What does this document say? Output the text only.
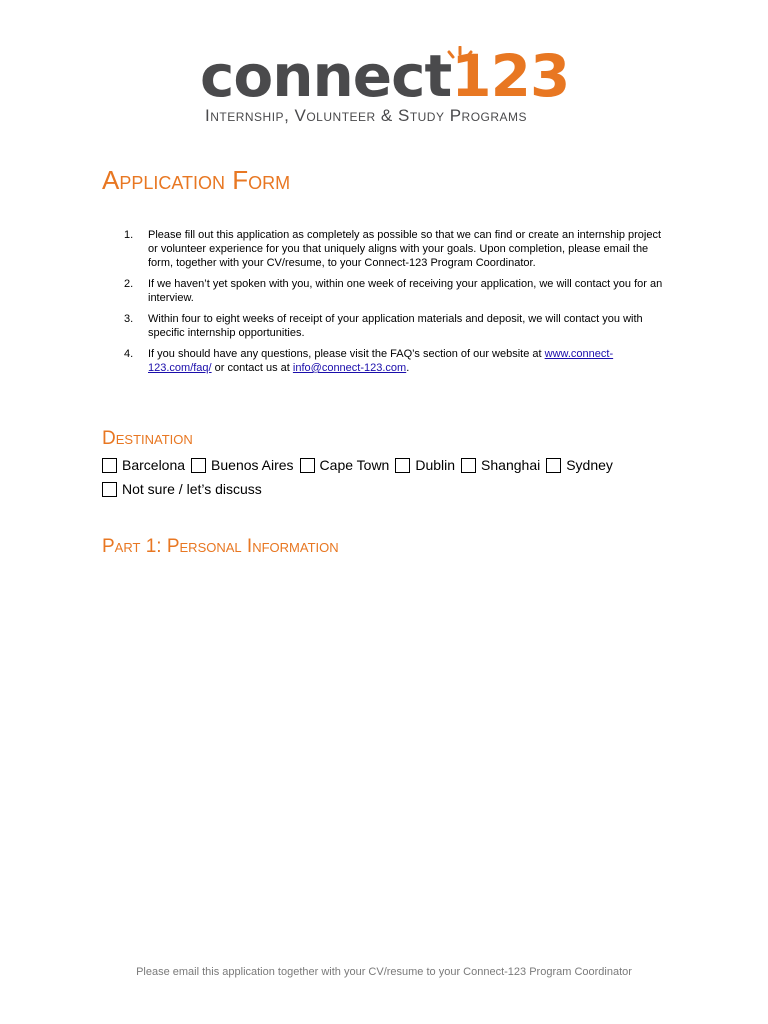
connect123
Internship, Volunteer & Study Programs
Application Form
1. Please fill out this application as completely as possible so that we can find or create an internship project or volunteer experience for you that uniquely aligns with your goals. Upon completion, please email the form, together with your CV/resume, to your Connect-123 Program Coordinator.
2. If we haven’t yet spoken with you, within one week of receiving your application, we will contact you for an interview.
3. Within four to eight weeks of receipt of your application materials and deposit, we will contact you with specific internship opportunities.
4. If you should have any questions, please visit the FAQ’s section of our website at www.connect-123.com/faq/ or contact us at info@connect-123.com.
Destination
Barcelona Buenos Aires Cape Town Dublin Shanghai Sydney
Not sure / let’s discuss
Part 1: Personal Information
Please email this application together with your CV/resume to your Connect-123 Program Coordinator
